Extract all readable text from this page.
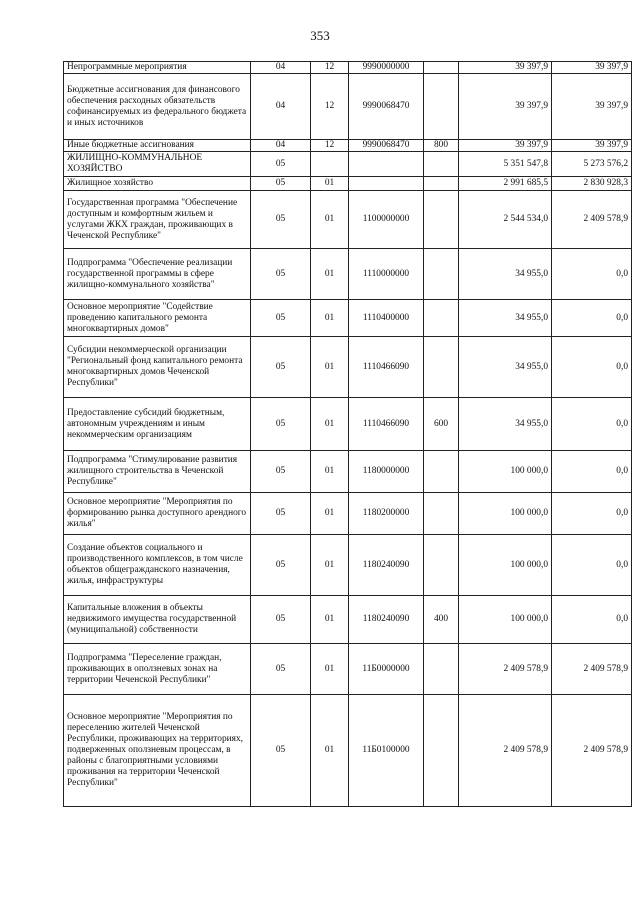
353
Непрограммные мероприятия	04	12	9990000000		39 397,9	39 397,9
Бюджетные ассигнования для финансового обеспечения расходных обязательств софинансируемых из федерального бюджета и иных источников	04	12	9990068470		39 397,9	39 397,9
Иные бюджетные ассигнования	04	12	9990068470	800	39 397,9	39 397,9
ЖИЛИЩНО-КОММУНАЛЬНОЕ ХОЗЯЙСТВО	05				5 351 547,8	5 273 576,2
Жилищное хозяйство	05	01			2 991 685,5	2 830 928,3
Государственная программа "Обеспечение доступным и комфортным жильем и услугами ЖКХ граждан, проживающих в Чеченской Республике"	05	01	1100000000		2 544 534,0	2 409 578,9
Подпрограмма "Обеспечение реализации государственной программы в сфере жилищно-коммунального хозяйства"	05	01	1110000000		34 955,0	0,0
Основное мероприятие "Содействие проведению капитального ремонта многоквартирных домов"	05	01	1110400000		34 955,0	0,0
Субсидии некоммерческой организации "Региональный фонд капитального ремонта многоквартирных домов Чеченской Республики"	05	01	1110466090		34 955,0	0,0
Предоставление субсидий бюджетным, автономным учреждениям и иным некоммерческим организациям	05	01	1110466090	600	34 955,0	0,0
Подпрограмма "Стимулирование развития жилищного строительства в Чеченской Республике"	05	01	1180000000		100 000,0	0,0
Основное мероприятие "Мероприятия по формированию рынка доступного арендного жилья"	05	01	1180200000		100 000,0	0,0
Создание объектов социального и производственного комплексов, в том числе объектов общегражданского назначения, жилья, инфраструктуры	05	01	1180240090		100 000,0	0,0
Капитальные вложения в объекты недвижимого имущества государственной (муниципальной) собственности	05	01	1180240090	400	100 000,0	0,0
Подпрограмма "Переселение граждан, проживающих в оползневых зонах на территории Чеченской Республики"	05	01	11Б0000000		2 409 578,9	2 409 578,9
Основное мероприятие "Мероприятия по переселению жителей Чеченской Республики, проживающих на территориях, подверженных оползневым процессам, в районы с благоприятными условиями проживания на территории Чеченской Республики"	05	01	11Б0100000		2 409 578,9	2 409 578,9
